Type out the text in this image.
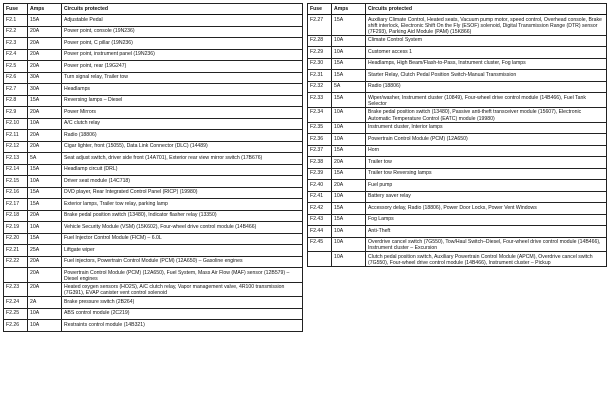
Fuse	Amps	Circuits protected
F2.1	15A	Adjustable Pedal
F2.2	20A	Power point, console (19N236)
F2.3	20A	Power point, C pillar (19N236)
F2.4	20A	Power point, instrument panel (19N236)
F2.5	20A	Power point, rear (19G247)
F2.6	30A	Turn signal relay, Trailer tow
F2.7	30A	Headlamps
F2.8	15A	Reversing lamps – Diesel
F2.9	20A	Power Mirrors
F2.10	10A	A/C clutch relay
F2.11	20A	Radio (18806)
F2.12	20A	Cigar lighter, front (15055), Data Link Connector (DLC) (14489)
F2.13	5A	Seat adjust switch, driver side front (14A701), Exterior rear view mirror switch (17B676)
F2.14	15A	Headlamp circuit (DRL)
F2.15	10A	Driver seat module (14C718)
F2.16	15A	DVD player, Rear Integrated Control Panel (RICP) (19980)
F2.17	15A	Exterior lamps, Trailer tow relay, parking lamp
F2.18	20A	Brake pedal position switch (13480), Indicator flasher relay (13350)
F2.19	10A	Vehicle Security Module (VSM) (15K602), Four-wheel drive control module (14B466)
F2.20	15A	Fuel Injector Control Module (FICM) – 6.0L
F2.21	25A	Liftgate wiper
F2.22	20A	Fuel injectors, Powertrain Control Module (PCM) (12A650) – Gasoline engines
	20A	Powertrain Control Module (PCM) (12A650), Fuel System, Mass Air Flow (MAF) sensor (12B579) – Diesel engines
F2.23	20A	Heated oxygen sensors (HO2S), A/C clutch relay, Vapor management valve, 4R100 transmission (7G391), EVAP canister vent control solenoid
F2.24	2A	Brake pressure switch (2B264)
F2.25	10A	ABS control module (2C219)
F2.26	10A	Restraints control module (14B321)
Fuse	Amps	Circuits protected
F2.27	15A	Auxiliary Climate Control, Heated seats, Vacuum pump motor, speed control, Overhead console, Brake shift interlock, Electronic Shift On the Fly (ESOF) solenoid, Digital Transmission Range (DTR) sensor (7F293), Parking Aid Module (PAM) (15K866)
F2.28	10A	Climate Control System
F2.29	10A	Customer access 1
F2.30	15A	Headlamps, High Beam/Flash-to-Pass, Instrument cluster, Fog lamps
F2.31	15A	Starter Relay, Clutch Pedal Position Switch-Manual Transmission
F2.32	5A	Radio (18806)
F2.33	15A	Wiper/washer, Instrument cluster (10849), Four-wheel drive control module (14B466), Fuel Tank Selector
F2.34	10A	Brake pedal position switch (13480), Passive anti-theft transceiver module (15607), Electronic Automatic Temperature Control (EATC) module (19980)
F2.35	10A	Instrument cluster, Interior lamps
F2.36	10A	Powertrain Control Module (PCM) (12A650)
F2.37	15A	Horn
F2.38	20A	Trailer tow
F2.39	15A	Trailer tow Reversing lamps
F2.40	20A	Fuel pump
F2.41	10A	Battery saver relay
F2.42	15A	Accessory delay, Radio (18806), Power Door Locks, Power Vent Windows
F2.43	15A	Fog Lamps
F2.44	10A	Anti-Theft
F2.45	10A	Overdrive cancel switch (7G550), Tow/Haul Switch–Diesel, Four-wheel drive control module (14B466), Instrument cluster – Excursion
	10A	Clutch pedal position switch, Auxiliary Powertrain Control Module (APCM), Overdrive cancel switch (7G550), Four-wheel drive control module (14B466), Instrument cluster – Pickup
